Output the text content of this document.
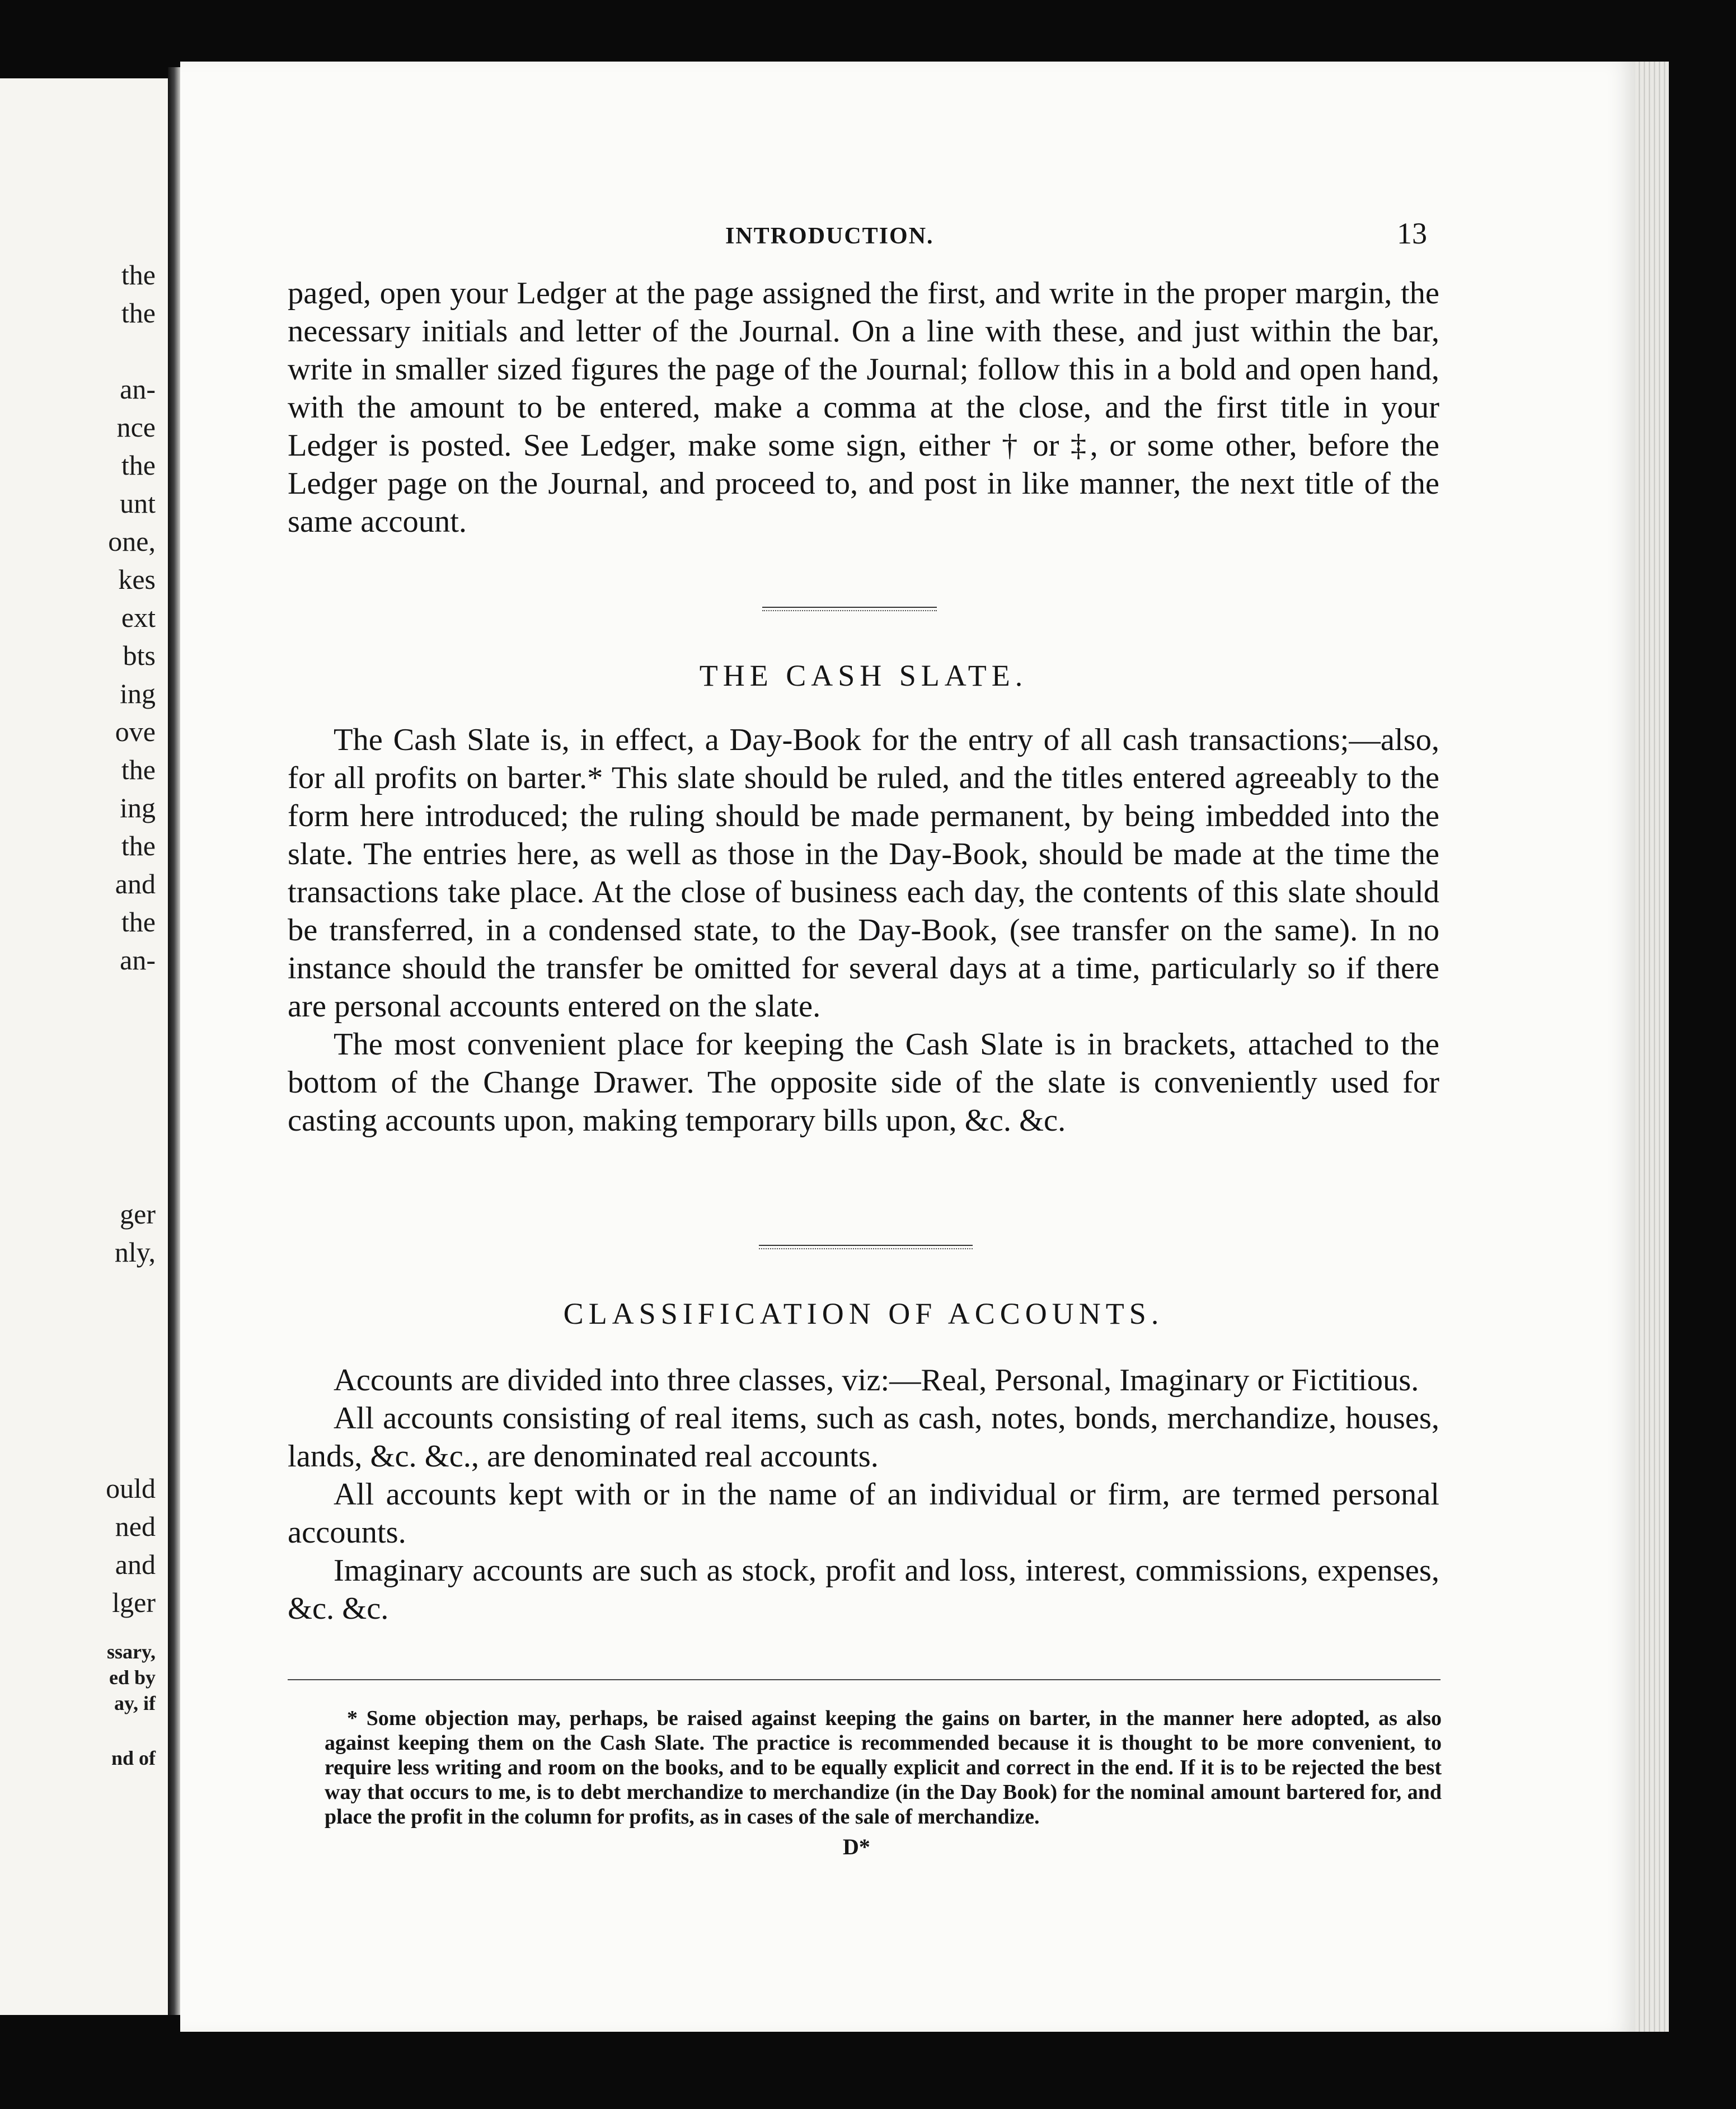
the
the
an-
nce
the
unt
one,
kes
ext
bts
ing
ove
the
ing
the
and
the
an-
ger
nly,
ould
ned
and
lger
ssary,
ed by
ay, if
nd of
INTRODUCTION.	13

paged, open your Ledger at the page assigned the first, and write in the proper margin, the necessary initials and letter of the Journal. On a line with these, and just within the bar, write in smaller sized figures the page of the Journal; follow this in a bold and open hand, with the amount to be entered, make a comma at the close, and the first title in your Ledger is posted. See Ledger, make some sign, either † or ‡, or some other, before the Ledger page on the Journal, and proceed to, and post in like manner, the next title of the same account.

THE CASH SLATE.

The Cash Slate is, in effect, a Day-Book for the entry of all cash transactions;—also, for all profits on barter.* This slate should be ruled, and the titles entered agreeably to the form here introduced; the ruling should be made permanent, by being imbedded into the slate. The entries here, as well as those in the Day-Book, should be made at the time the transactions take place. At the close of business each day, the contents of this slate should be transferred, in a condensed state, to the Day-Book, (see transfer on the same). In no instance should the transfer be omitted for several days at a time, particularly so if there are personal accounts entered on the slate.

The most convenient place for keeping the Cash Slate is in brackets, attached to the bottom of the Change Drawer. The opposite side of the slate is conveniently used for casting accounts upon, making temporary bills upon, &c. &c.

CLASSIFICATION OF ACCOUNTS.

Accounts are divided into three classes, viz:—Real, Personal, Imaginary or Fictitious.

All accounts consisting of real items, such as cash, notes, bonds, merchandize, houses, lands, &c. &c., are denominated real accounts.

All accounts kept with or in the name of an individual or firm, are termed personal accounts.

Imaginary accounts are such as stock, profit and loss, interest, commissions, expenses, &c. &c.

* Some objection may, perhaps, be raised against keeping the gains on barter, in the manner here adopted, as also against keeping them on the Cash Slate. The practice is recommended because it is thought to be more convenient, to require less writing and room on the books, and to be equally explicit and correct in the end. If it is to be rejected the best way that occurs to me, is to debt merchandize to merchandize (in the Day Book) for the nominal amount bartered for, and place the profit in the column for profits, as in cases of the sale of merchandize.

D*
